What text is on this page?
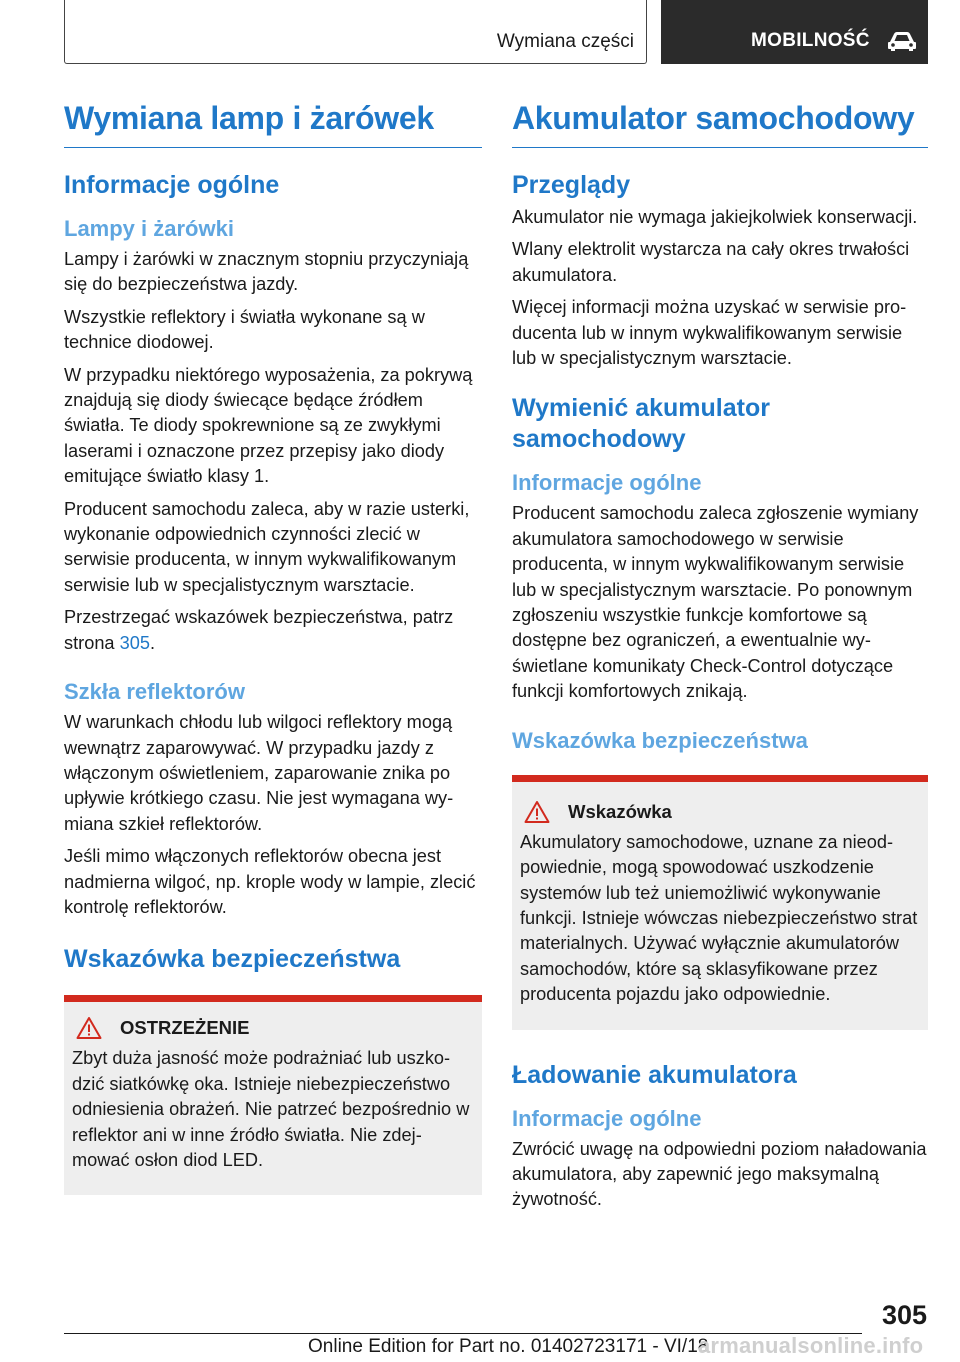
Wymiana części	MOBILNOŚĆ
Wymiana lamp i żarówek
Informacje ogólne
Lampy i żarówki

Lampy i żarówki w znacznym stopniu przyczyniają się do bezpieczeństwa jazdy.

Wszystkie reflektory i światła wykonane są w technice diodowej.

W przypadku niektórego wyposażenia, za pokrywą znajdują się diody świecące będące źródłem światła. Te diody spokrewnione są ze zwykłymi laserami i oznaczone przez przepisy jako diody emitujące światło klasy 1.

Producent samochodu zaleca, aby w razie usterki, wykonanie odpowiednich czynności zlecić w serwisie producenta, w innym wykwalifikowanym serwisie lub w specjalistycznym warsztacie.

Przestrzegać wskazówek bezpieczeństwa, patrz strona 305.

Szkła reflektorów

W warunkach chłodu lub wilgoci reflektory mogą wewnątrz zaparowywać. W przypadku jazdy z włączonym oświetleniem, zaparowanie znika po upływie krótkiego czasu. Nie jest wymagana wymiana szkieł reflektorów.

Jeśli mimo włączonych reflektorów obecna jest nadmierna wilgoć, np. krople wody w lampie, zlecić kontrolę reflektorów.

Wskazówka bezpieczeństwa
OSTRZEŻENIE

Zbyt duża jasność może podrażniać lub uszkodzić siatkówkę oka. Istnieje niebezpieczeństwo odniesienia obrażeń. Nie patrzeć bezpośrednio w reflektor ani w inne źródło światła. Nie zdejmować osłon diod LED.

Akumulator samochodowy
Przeglądy

Akumulator nie wymaga jakiejkolwiek konserwacji.

Wlany elektrolit wystarcza na cały okres trwałości akumulatora.

Więcej informacji można uzyskać w serwisie producenta lub w innym wykwalifikowanym serwisie lub w specjalistycznym warsztacie.

Wymienić akumulator samochodowy
Informacje ogólne

Producent samochodu zaleca zgłoszenie wymiany akumulatora samochodowego w serwisie producenta, w innym wykwalifikowanym serwisie lub w specjalistycznym warsztacie. Po ponownym zgłoszeniu wszystkie funkcje komfortowe są dostępne bez ograniczeń, a ewentualnie wyświetlane komunikaty Check-Control dotyczące funkcji komfortowych znikają.

Wskazówka bezpieczeństwa
Wskazówka

Akumulatory samochodowe, uznane za nieodpowiednie, mogą spowodować uszkodzenie systemów lub też uniemożliwić wykonywanie funkcji. Istnieje wówczas niebezpieczeństwo strat materialnych. Używać wyłącznie akumulatorów samochodów, które są sklasyfikowane przez producenta pojazdu jako odpowiednie.

Ładowanie akumulatora
Informacje ogólne

Zwrócić uwagę na odpowiedni poziom naładowania akumulatora, aby zapewnić jego maksymalną żywotność.

305
Online Edition for Part no. 01402723171 - VI/18
armanualsonline.info
